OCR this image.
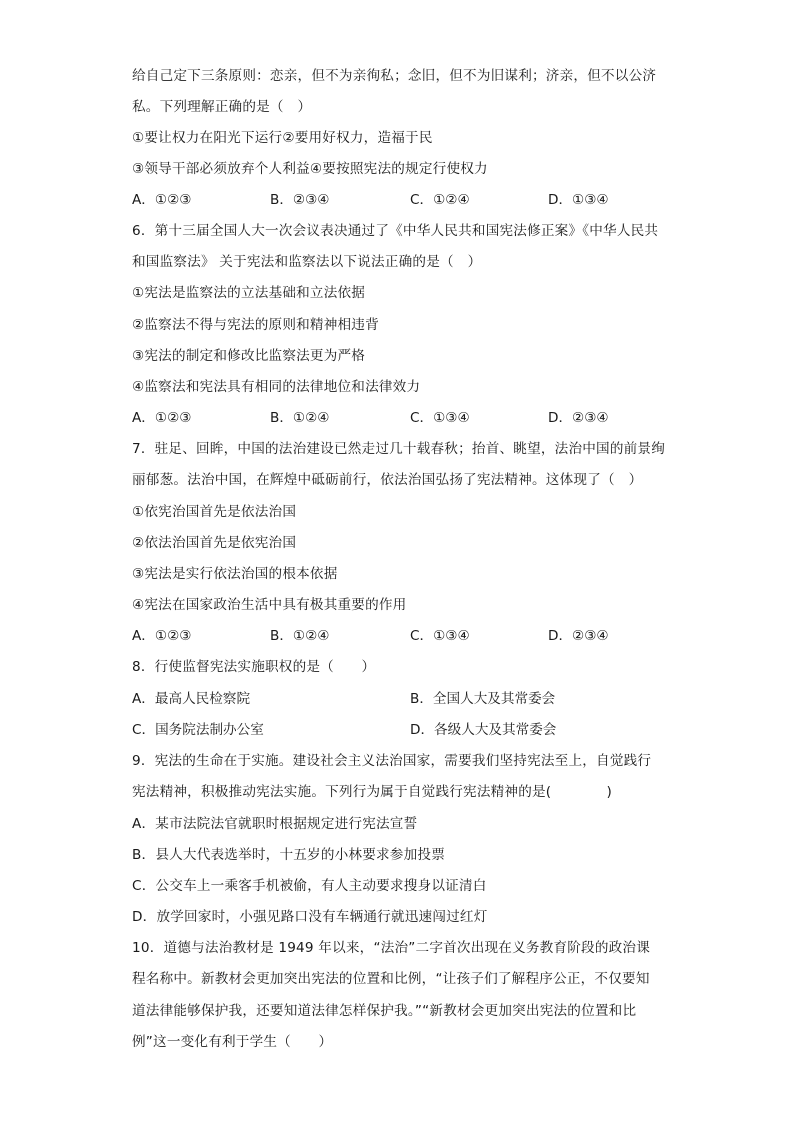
给自己定下三条原则：恋亲，但不为亲徇私；念旧，但不为旧谋利；济亲，但不以公济
私。下列理解正确的是（　）
①要让权力在阳光下运行②要用好权力，造福于民
③领导干部必须放弃个人利益④要按照宪法的规定行使权力
A．①②③	B．②③④	C．①②④	D．①③④
6．第十三届全国人大一次会议表决通过了《中华人民共和国宪法修正案》《中华人民共
和国监察法》 关于宪法和监察法以下说法正确的是（　）
①宪法是监察法的立法基础和立法依据
②监察法不得与宪法的原则和精神相违背
③宪法的制定和修改比监察法更为严格
④监察法和宪法具有相同的法律地位和法律效力
A．①②③	B．①②④	C．①③④	D．②③④
7．驻足、回眸，中国的法治建设已然走过几十载春秋；抬首、眺望，法治中国的前景绚
丽郁葱。法治中国，在辉煌中砥砺前行，依法治国弘扬了宪法精神。这体现了（　）
①依宪治国首先是依法治国
②依法治国首先是依宪治国
③宪法是实行依法治国的根本依据
④宪法在国家政治生活中具有极其重要的作用
A．①②③	B．①②④	C．①③④	D．②③④
8．行使监督宪法实施职权的是（　　）
A．最高人民检察院	B．全国人大及其常委会
C．国务院法制办公室	D．各级人大及其常委会
9．宪法的生命在于实施。建设社会主义法治国家，需要我们坚持宪法至上，自觉践行
宪法精神，积极推动宪法实施。下列行为属于自觉践行宪法精神的是(　　　　)
A．某市法院法官就职时根据规定进行宪法宣誓
B．县人大代表选举时，十五岁的小林要求参加投票
C．公交车上一乘客手机被偷，有人主动要求搜身以证清白
D．放学回家时，小强见路口没有车辆通行就迅速闯过红灯
10．道德与法治教材是 1949 年以来，“法治”二字首次出现在义务教育阶段的政治课
程名称中。新教材会更加突出宪法的位置和比例，“让孩子们了解程序公正，不仅要知
道法律能够保护我，还要知道法律怎样保护我。”“新教材会更加突出宪法的位置和比
例”这一变化有利于学生（　　）
